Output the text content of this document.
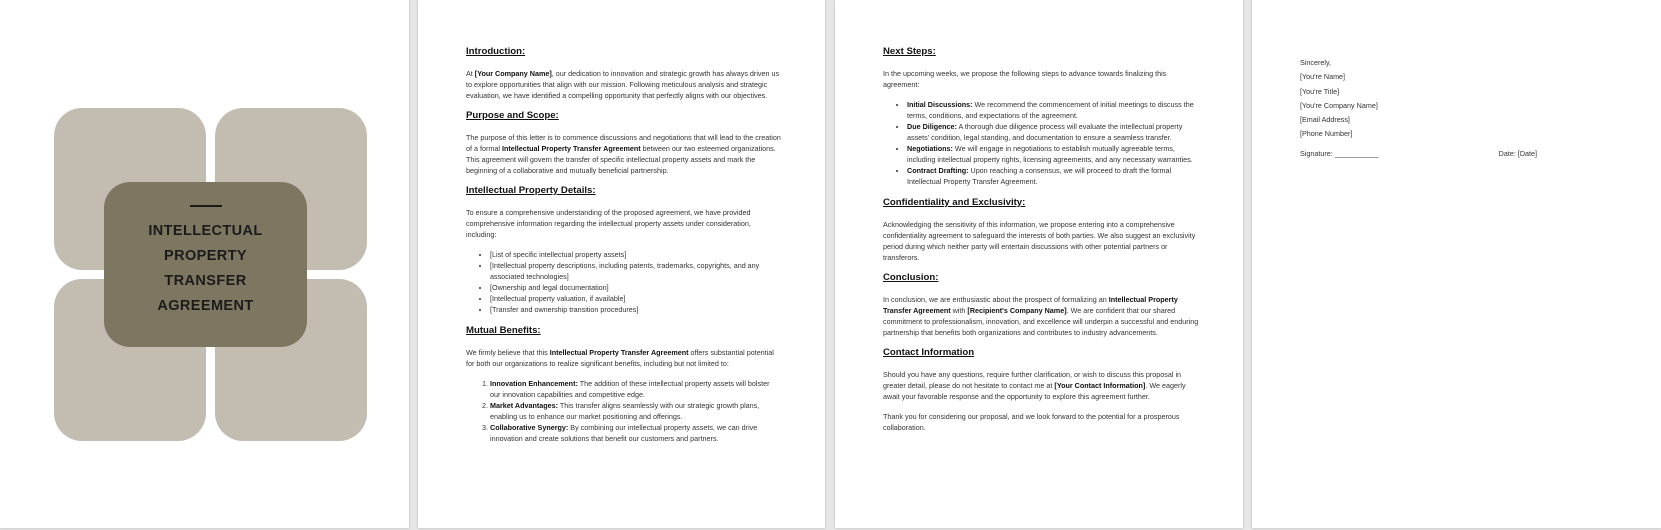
INTELLECTUAL
PROPERTY TRANSFER
AGREEMENT
Introduction:
At [Your Company Name], our dedication to innovation and strategic growth has always driven us to explore opportunities that align with our mission. Following meticulous analysis and strategic evaluation, we have identified a compelling opportunity that perfectly aligns with our objectives.
Purpose and Scope:
The purpose of this letter is to commence discussions and negotiations that will lead to the creation of a formal Intellectual Property Transfer Agreement between our two esteemed organizations. This agreement will govern the transfer of specific intellectual property assets and mark the beginning of a collaborative and mutually beneficial partnership.
Intellectual Property Details:
To ensure a comprehensive understanding of the proposed agreement, we have provided comprehensive information regarding the intellectual property assets under consideration, including:
• [List of specific intellectual property assets]
• [Intellectual property descriptions, including patents, trademarks, copyrights, and any associated technologies]
• [Ownership and legal documentation]
• [Intellectual property valuation, if available]
• [Transfer and ownership transition procedures]
Mutual Benefits:
We firmly believe that this Intellectual Property Transfer Agreement offers substantial potential for both our organizations to realize significant benefits, including but not limited to:
1. Innovation Enhancement: The addition of these intellectual property assets will bolster our innovation capabilities and competitive edge.
2. Market Advantages: This transfer aligns seamlessly with our strategic growth plans, enabling us to enhance our market positioning and offerings.
3. Collaborative Synergy: By combining our intellectual property assets, we can drive innovation and create solutions that benefit our customers and partners.
Next Steps:
In the upcoming weeks, we propose the following steps to advance towards finalizing this agreement:
• Initial Discussions: We recommend the commencement of initial meetings to discuss the terms, conditions, and expectations of the agreement.
• Due Diligence: A thorough due diligence process will evaluate the intellectual property assets' condition, legal standing, and documentation to ensure a seamless transfer.
• Negotiations: We will engage in negotiations to establish mutually agreeable terms, including intellectual property rights, licensing agreements, and any necessary warranties.
• Contract Drafting: Upon reaching a consensus, we will proceed to draft the formal Intellectual Property Transfer Agreement.
Confidentiality and Exclusivity:
Acknowledging the sensitivity of this information, we propose entering into a comprehensive confidentiality agreement to safeguard the interests of both parties. We also suggest an exclusivity period during which neither party will entertain discussions with other potential partners or transferors.
Conclusion:
In conclusion, we are enthusiastic about the prospect of formalizing an Intellectual Property Transfer Agreement with [Recipient's Company Name]. We are confident that our shared commitment to professionalism, innovation, and excellence will underpin a successful and enduring partnership that benefits both organizations and contributes to industry advancements.
Contact Information
Should you have any questions, require further clarification, or wish to discuss this proposal in greater detail, please do not hesitate to contact me at [Your Contact Information]. We eagerly await your favorable response and the opportunity to explore this agreement further.
Thank you for considering our proposal, and we look forward to the potential for a prosperous collaboration.
Sincerely,
[You're Name]
[You're Title]
[You're Company Name]
[Email Address]
[Phone Number]
Signature: ___________	Date: [Date]
